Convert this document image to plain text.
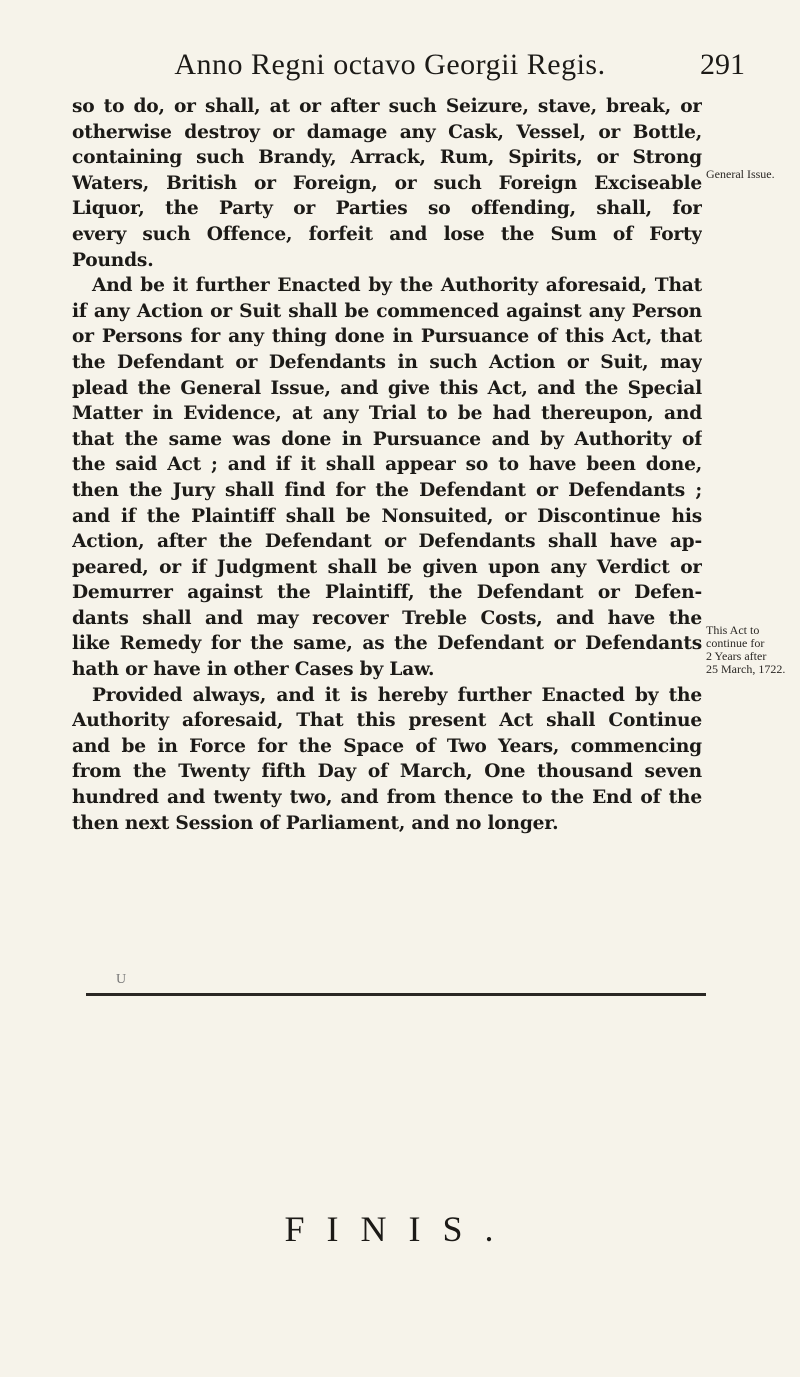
Anno Regni octavo Georgii Regis.	291
so to do, or shall, at or after such Seizure, stave, break, or
otherwise destroy or damage any Cask, Vessel, or Bottle,
containing such Brandy, Arrack, Rum, Spirits, or Strong
Waters, British or Foreign, or such Foreign Exciseable
Liquor, the Party or Parties so offending, shall, for
every such Offence, forfeit and lose the Sum of Forty
Pounds.
And be it further Enacted by the Authority aforesaid, That
if any Action or Suit shall be commenced against any Person
or Persons for any thing done in Pursuance of this Act, that
the Defendant or Defendants in such Action or Suit, may
plead the General Issue, and give this Act, and the Special
Matter in Evidence, at any Trial to be had thereupon, and
that the same was done in Pursuance and by Authority of
the said Act ; and if it shall appear so to have been done,
then the Jury shall find for the Defendant or Defendants ;
and if the Plaintiff shall be Nonsuited, or Discontinue his
Action, after the Defendant or Defendants shall have ap-
peared, or if Judgment shall be given upon any Verdict or
Demurrer against the Plaintiff, the Defendant or Defen-
dants shall and may recover Treble Costs, and have the
like Remedy for the same, as the Defendant or Defendants
hath or have in other Cases by Law.
Provided always, and it is hereby further Enacted by the
Authority aforesaid, That this present Act shall Continue
and be in Force for the Space of Two Years, commencing
from the Twenty fifth Day of March, One thousand seven
hundred and twenty two, and from thence to the End of the
then next Session of Parliament, and no longer.
General Issue.
This Act to
continue for
2 Years after
25 March, 1722.
U
FINIS.
